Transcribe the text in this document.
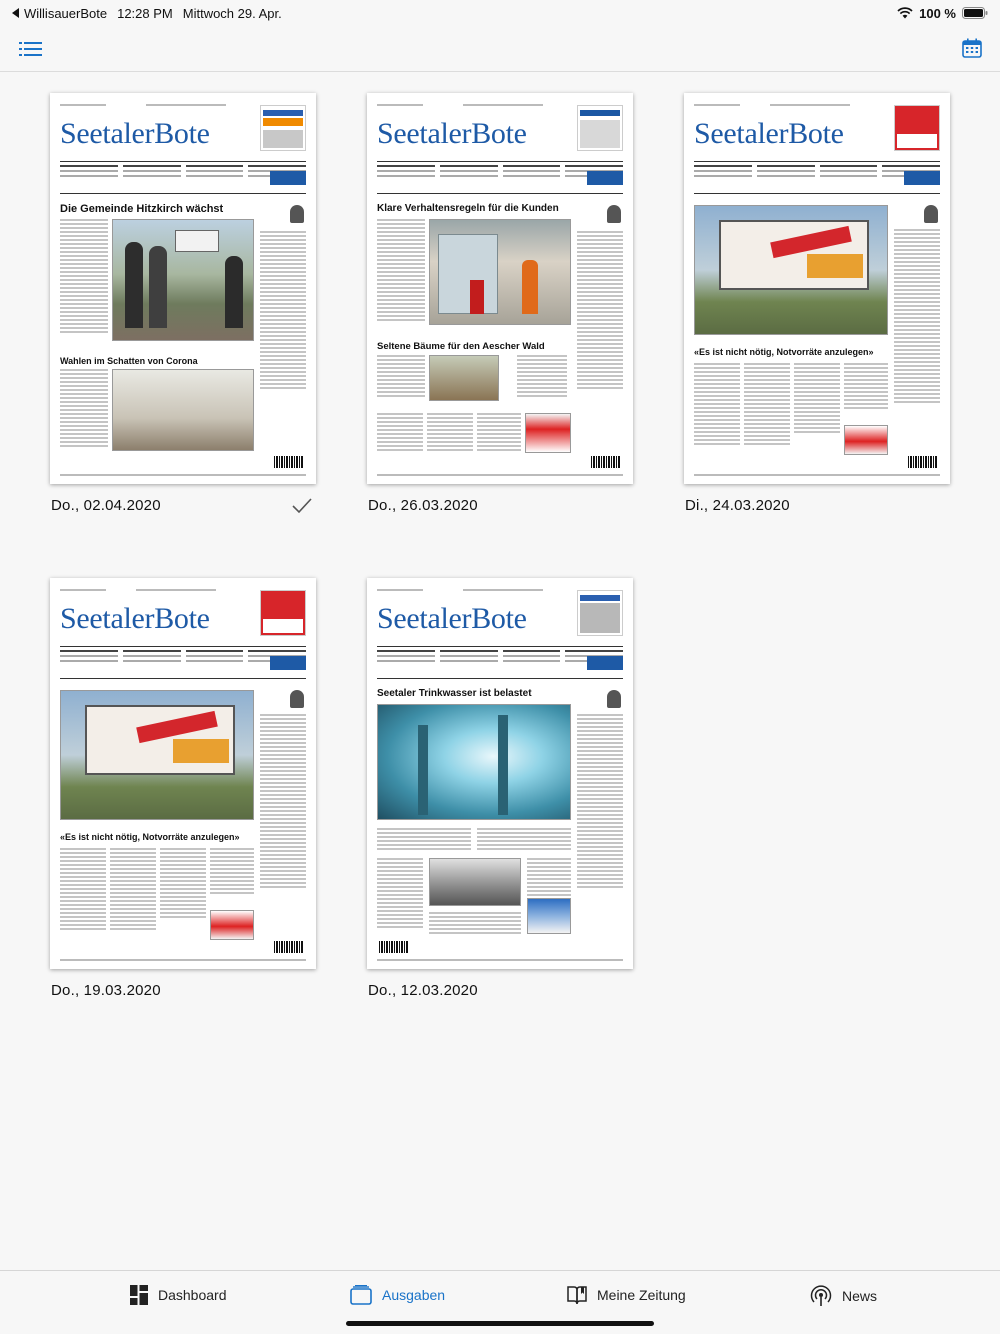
WillisauerBote 12:28 PM Mittwoch 29. Apr.	100 %
SeetalerBote
Die Gemeinde Hitzkirch wächst
Wahlen im Schatten von Corona
Do., 02.04.2020
SeetalerBote
Klare Verhaltensregeln für die Kunden
Seltene Bäume für den Aescher Wald
Do., 26.03.2020
SeetalerBote
«Es ist nicht nötig, Notvorräte anzulegen»
Di., 24.03.2020
SeetalerBote
«Es ist nicht nötig, Notvorräte anzulegen»
Do., 19.03.2020
SeetalerBote
Seetaler Trinkwasser ist belastet
Do., 12.03.2020
Dashboard	Ausgaben	Meine Zeitung	News
